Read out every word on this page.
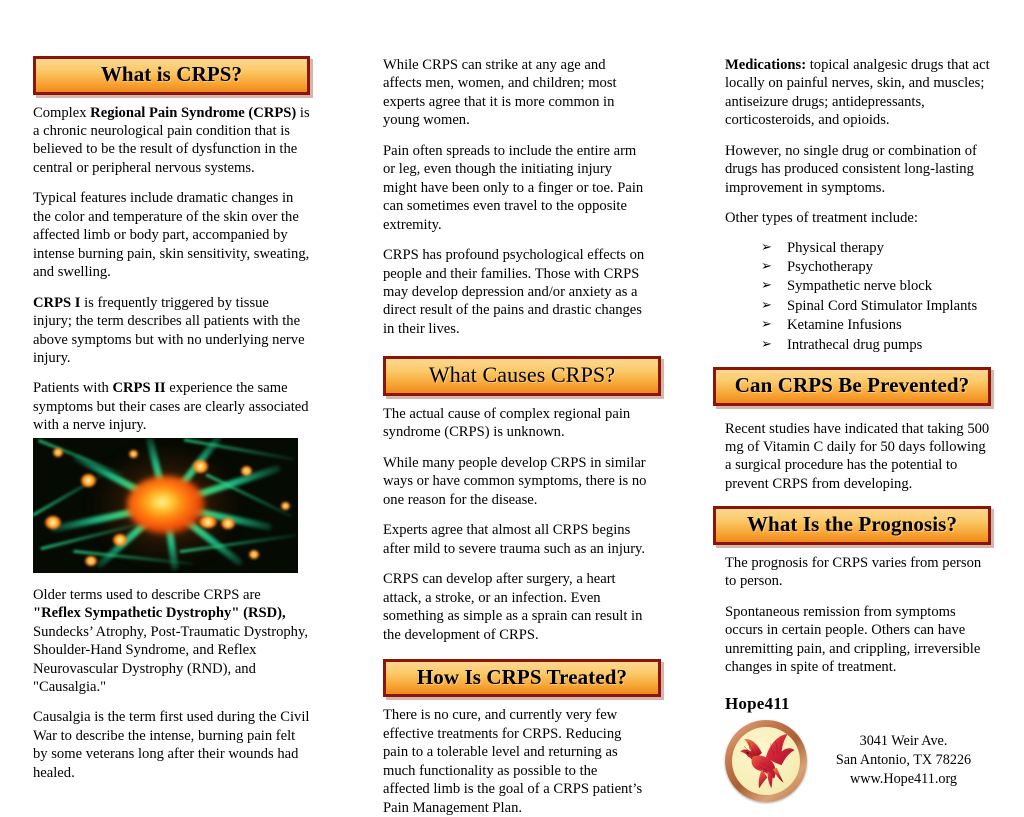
What is CRPS?

Complex Regional Pain Syndrome (CRPS) is a chronic neurological pain condition that is believed to be the result of dysfunction in the central or peripheral nervous systems.

Typical features include dramatic changes in the color and temperature of the skin over the affected limb or body part, accompanied by intense burning pain, skin sensitivity, sweating, and swelling.

CRPS I is frequently triggered by tissue injury; the term describes all patients with the above symptoms but with no underlying nerve injury.

Patients with CRPS II experience the same symptoms but their cases are clearly associated with a nerve injury.

Older terms used to describe CRPS are "Reflex Sympathetic Dystrophy" (RSD), Sundecks’ Atrophy, Post-Traumatic Dystrophy, Shoulder-Hand Syndrome, and Reflex Neurovascular Dystrophy (RND), and "Causalgia."

Causalgia is the term first used during the Civil War to describe the intense, burning pain felt by some veterans long after their wounds had healed.

While CRPS can strike at any age and affects men, women, and children; most experts agree that it is more common in young women.

Pain often spreads to include the entire arm or leg, even though the initiating injury might have been only to a finger or toe. Pain can sometimes even travel to the opposite extremity.

CRPS has profound psychological effects on people and their families. Those with CRPS may develop depression and/or anxiety as a direct result of the pains and drastic changes in their lives.

What Causes CRPS?

The actual cause of complex regional pain syndrome (CRPS) is unknown.

While many people develop CRPS in similar ways or have common symptoms, there is no one reason for the disease.

Experts agree that almost all CRPS begins after mild to severe trauma such as an injury.

CRPS can develop after surgery, a heart attack, a stroke, or an infection. Even something as simple as a sprain can result in the development of CRPS.

How Is CRPS Treated?

There is no cure, and currently very few effective treatments for CRPS. Reducing pain to a tolerable level and returning as much functionality as possible to the affected limb is the goal of a CRPS patient’s Pain Management Plan.

Medications: topical analgesic drugs that act locally on painful nerves, skin, and muscles; antiseizure drugs; antidepressants, corticosteroids, and opioids.

However, no single drug or combination of drugs has produced consistent long-lasting improvement in symptoms.

Other types of treatment include:

➢ Physical therapy
➢ Psychotherapy
➢ Sympathetic nerve block
➢ Spinal Cord Stimulator Implants
➢ Ketamine Infusions
➢ Intrathecal drug pumps
Can CRPS Be Prevented?

Recent studies have indicated that taking 500 mg of Vitamin C daily for 50 days following a surgical procedure has the potential to prevent CRPS from developing.

What Is the Prognosis?

The prognosis for CRPS varies from person to person.

Spontaneous remission from symptoms occurs in certain people. Others can have unremitting pain, and crippling, irreversible changes in spite of treatment.

Hope411
3041 Weir Ave.
San Antonio, TX 78226
www.Hope411.org
